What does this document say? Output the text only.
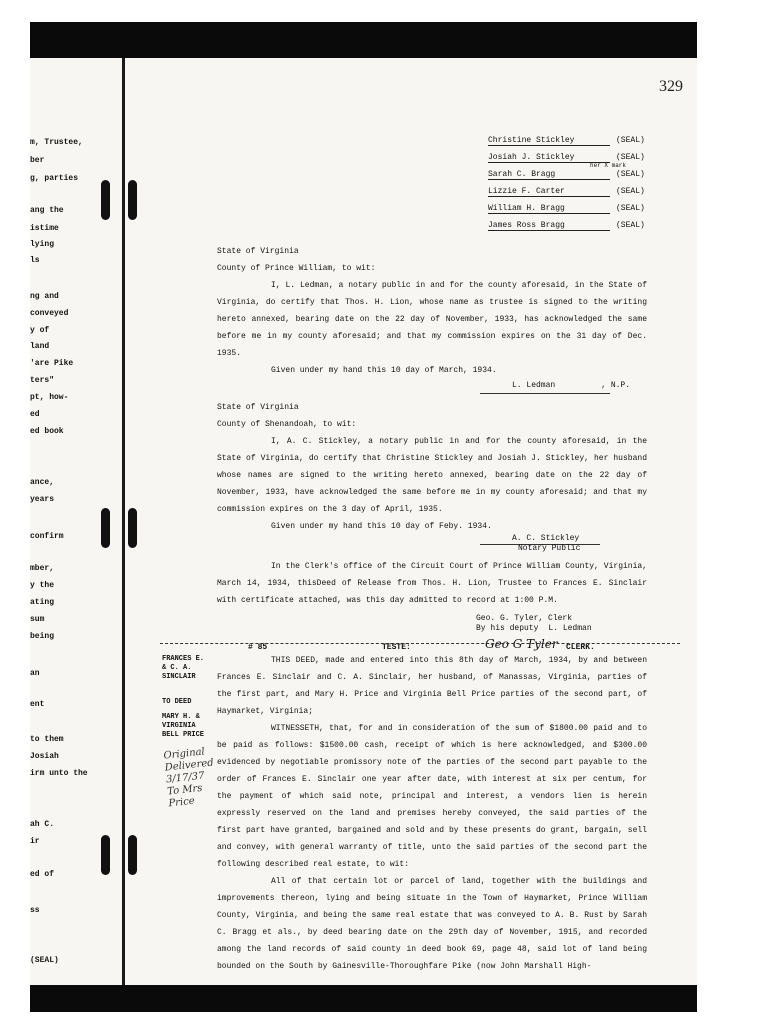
329
m, Trustee,
ber
g, parties
ang the
istime
lying
ls
ng and
conveyed
y of
land
'are Pike
ters"
pt, how-
ed
ed book
ance,
years
confirm
mber,
y the
ating
sum
being
an
ent
to them
Josiah
irm unto the
ah C.
ir
ed of
ss
(SEAL)
Christine Stickley	(SEAL)
Josiah J. Stickley	(SEAL)
Sarah C. Bragg	(SEAL)
her X mark
Lizzie F. Carter	(SEAL)
William H. Bragg	(SEAL)
James Ross Bragg	(SEAL)

State of Virginia

County of Prince William, to wit:

I, L. Ledman, a notary public in and for the county aforesaid, in the State of Virginia, do certify that Thos. H. Lion, whose name as trustee is signed to the writing hereto annexed, bearing date on the 22 day of November, 1933, has acknowledged the same before me in my county aforesaid; and that my commission expires on the 31 day of Dec. 1935.

Given under my hand this 10 day of March, 1934.

L. Ledman	, N.P.

State of Virginia

County of Shenandoah, to wit:

I, A. C. Stickley, a notary public in and for the county aforesaid, in the State of Virginia, do certify that Christine Stickley and Josiah J. Stickley, her husband whose names are signed to the writing hereto annexed, bearing date on the 22 day of November, 1933, have acknowledged the same before me in my county aforesaid; and that my commission expires on the 3 day of April, 1935.

Given under my hand this 10 day of Feby. 1934.

A. C. Stickley
Notary Public

In the Clerk's office of the Circuit Court of Prince William County, Virginia, March 14, 1934, thisDeed of Release from Thos. H. Lion, Trustee to Frances E. Sinclair with certificate attached, was this day admitted to record at 1:00 P.M.

Geo. G. Tyler, Clerk
By his deputy L. Ledman
# 85	TESTE:	Geo G Tyler CLERK.
FRANCES E.
& C. A.
SINCLAIR
TO DEED
MARY H. &
VIRGINIA
BELL PRICE
Original
Delivered
3/17/37
To Mrs
Price

THIS DEED, made and entered into this 8th day of March, 1934, by and between Frances E. Sinclair and C. A. Sinclair, her husband, of Manassas, Virginia, parties of the first part, and Mary H. Price and Virginia Bell Price parties of the second part, of Haymarket, Virginia;

WITNESSETH, that, for and in consideration of the sum of $1800.00 paid and to be paid as follows: $1500.00 cash, receipt of which is here acknowledged, and $300.00 evidenced by negotiable promissory note of the parties of the second part payable to the order of Frances E. Sinclair one year after date, with interest at six per centum, for the payment of which said note, principal and interest, a vendors lien is herein expressly reserved on the land and premises hereby conveyed, the said parties of the first part have granted, bargained and sold and by these presents do grant, bargain, sell and convey, with general warranty of title, unto the said parties of the second part the following described real estate, to wit:

All of that certain lot or parcel of land, together with the buildings and improvements thereon, lying and being situate in the Town of Haymarket, Prince William County, Virginia, and being the same real estate that was conveyed to A. B. Rust by Sarah C. Bragg et als., by deed bearing date on the 29th day of November, 1915, and recorded among the land records of said county in deed book 69, page 48, said lot of land being bounded on the South by Gainesville-Thoroughfare Pike (now John Marshall High-
